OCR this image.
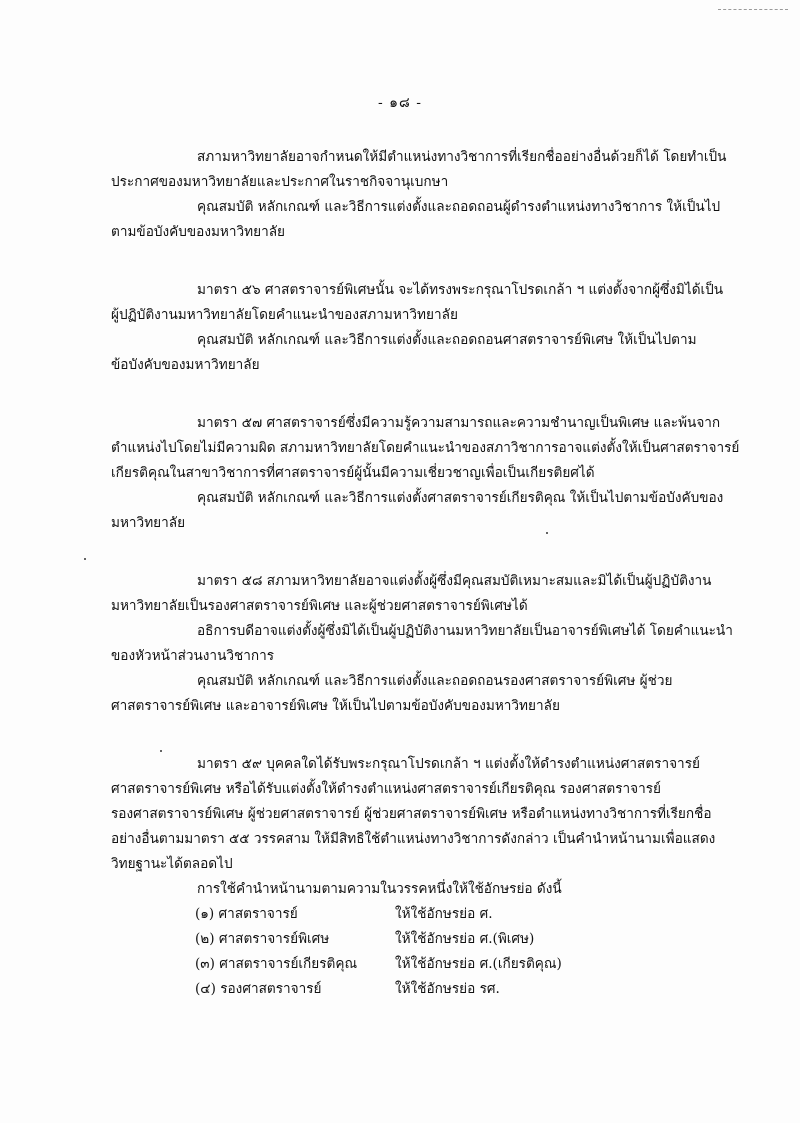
- ๑๘ -

สภามหาวิทยาลัยอาจกำหนดให้มีตำแหน่งทางวิชาการที่เรียกชื่ออย่างอื่นด้วยก็ได้ โดยทำเป็น
ประกาศของมหาวิทยาลัยและประกาศในราชกิจจานุเบกษา

คุณสมบัติ หลักเกณฑ์ และวิธีการแต่งตั้งและถอดถอนผู้ดำรงตำแหน่งทางวิชาการ ให้เป็นไป
ตามข้อบังคับของมหาวิทยาลัย

มาตรา ๕๖ ศาสตราจารย์พิเศษนั้น จะได้ทรงพระกรุณาโปรดเกล้า ฯ แต่งตั้งจากผู้ซึ่งมิได้เป็น
ผู้ปฏิบัติงานมหาวิทยาลัยโดยคำแนะนำของสภามหาวิทยาลัย

คุณสมบัติ หลักเกณฑ์ และวิธีการแต่งตั้งและถอดถอนศาสตราจารย์พิเศษ ให้เป็นไปตาม
ข้อบังคับของมหาวิทยาลัย

มาตรา ๕๗ ศาสตราจารย์ซึ่งมีความรู้ความสามารถและความชำนาญเป็นพิเศษ และพ้นจาก
ตำแหน่งไปโดยไม่มีความผิด สภามหาวิทยาลัยโดยคำแนะนำของสภาวิชาการอาจแต่งตั้งให้เป็นศาสตราจารย์
เกียรติคุณในสาขาวิชาการที่ศาสตราจารย์ผู้นั้นมีความเชี่ยวชาญเพื่อเป็นเกียรติยศได้

คุณสมบัติ หลักเกณฑ์ และวิธีการแต่งตั้งศาสตราจารย์เกียรติคุณ ให้เป็นไปตามข้อบังคับของ
มหาวิทยาลัย

มาตรา ๕๘ สภามหาวิทยาลัยอาจแต่งตั้งผู้ซึ่งมีคุณสมบัติเหมาะสมและมิได้เป็นผู้ปฏิบัติงาน
มหาวิทยาลัยเป็นรองศาสตราจารย์พิเศษ และผู้ช่วยศาสตราจารย์พิเศษได้

อธิการบดีอาจแต่งตั้งผู้ซึ่งมิได้เป็นผู้ปฏิบัติงานมหาวิทยาลัยเป็นอาจารย์พิเศษได้ โดยคำแนะนำ
ของหัวหน้าส่วนงานวิชาการ

คุณสมบัติ หลักเกณฑ์ และวิธีการแต่งตั้งและถอดถอนรองศาสตราจารย์พิเศษ ผู้ช่วย
ศาสตราจารย์พิเศษ และอาจารย์พิเศษ ให้เป็นไปตามข้อบังคับของมหาวิทยาลัย

มาตรา ๕๙ บุคคลใดได้รับพระกรุณาโปรดเกล้า ฯ แต่งตั้งให้ดำรงตำแหน่งศาสตราจารย์
ศาสตราจารย์พิเศษ หรือได้รับแต่งตั้งให้ดำรงตำแหน่งศาสตราจารย์เกียรติคุณ รองศาสตราจารย์
รองศาสตราจารย์พิเศษ ผู้ช่วยศาสตราจารย์ ผู้ช่วยศาสตราจารย์พิเศษ หรือตำแหน่งทางวิชาการที่เรียกชื่อ
อย่างอื่นตามมาตรา ๕๕ วรรคสาม ให้มีสิทธิใช้ตำแหน่งทางวิชาการดังกล่าว เป็นคำนำหน้านามเพื่อแสดง
วิทยฐานะได้ตลอดไป

การใช้คำนำหน้านามตามความในวรรคหนึ่งให้ใช้อักษรย่อ ดังนี้

(๑) ศาสตราจารย์	ให้ใช้อักษรย่อ ศ.
(๒) ศาสตราจารย์พิเศษ	ให้ใช้อักษรย่อ ศ.(พิเศษ)
(๓) ศาสตราจารย์เกียรติคุณ	ให้ใช้อักษรย่อ ศ.(เกียรติคุณ)
(๔) รองศาสตราจารย์	ให้ใช้อักษรย่อ รศ.
